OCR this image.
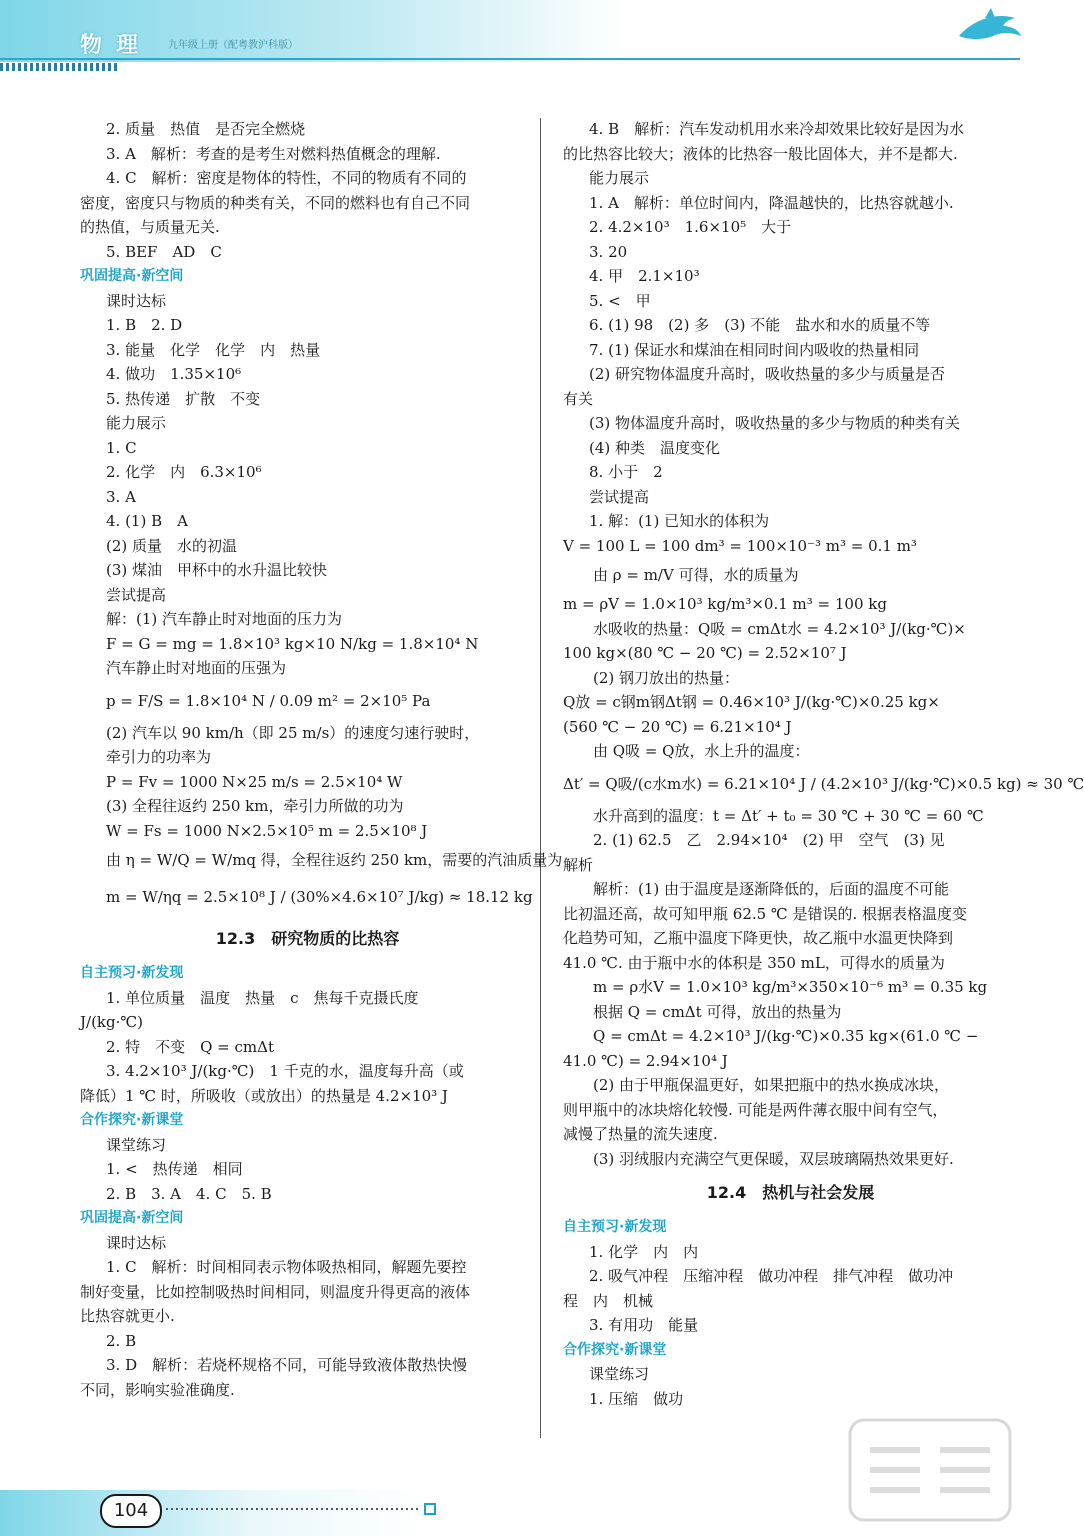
物理 九年级上册（配粤教沪科版）
2. 质量　热值　是否完全燃烧
3. A　解析：考查的是考生对燃料热值概念的理解.
4. C　解析：密度是物体的特性，不同的物质有不同的
密度，密度只与物质的种类有关，不同的燃料也有自己不同
的热值，与质量无关.
5. BEF　AD　C
巩固提高·新空间
课时达标
1. B　2. D
3. 能量　化学　化学　内　热量
4. 做功　1.35×10⁶
5. 热传递　扩散　不变
能力展示
1. C
2. 化学　内　6.3×10⁶
3. A
4. (1) B　A
(2) 质量　水的初温
(3) 煤油　甲杯中的水升温比较快
尝试提高
解：(1) 汽车静止时对地面的压力为
F = G = mg = 1.8×10³ kg×10 N/kg = 1.8×10⁴ N
汽车静止时对地面的压强为
p = F/S = 1.8×10⁴ N / 0.09 m² = 2×10⁵ Pa
(2) 汽车以 90 km/h（即 25 m/s）的速度匀速行驶时，
牵引力的功率为
P = Fv = 1000 N×25 m/s = 2.5×10⁴ W
(3) 全程往返约 250 km，牵引力所做的功为
W = Fs = 1000 N×2.5×10⁵ m = 2.5×10⁸ J
由 η = W/Q = W/mq 得，全程往返约 250 km，需要的汽油质量为
m = W/ηq = 2.5×10⁸ J / (30%×4.6×10⁷ J/kg) ≈ 18.12 kg
12.3　研究物质的比热容
自主预习·新发现
1. 单位质量　温度　热量　c　焦每千克摄氏度
J/(kg·℃)
2. 特　不变　Q = cmΔt
3. 4.2×10³ J/(kg·℃)　1 千克的水，温度每升高（或
降低）1 ℃ 时，所吸收（或放出）的热量是 4.2×10³ J
合作探究·新课堂
课堂练习
1. <　热传递　相同
2. B　3. A　4. C　5. B
巩固提高·新空间
课时达标
1. C　解析：时间相同表示物体吸热相同，解题先要控
制好变量，比如控制吸热时间相同，则温度升得更高的液体
比热容就更小.
2. B
3. D　解析：若烧杯规格不同，可能导致液体散热快慢
不同，影响实验准确度.
4. B　解析：汽车发动机用水来冷却效果比较好是因为水
的比热容比较大；液体的比热容一般比固体大，并不是都大.
能力展示
1. A　解析：单位时间内，降温越快的，比热容就越小.
2. 4.2×10³　1.6×10⁵　大于
3. 20
4. 甲　2.1×10³
5. <　甲
6. (1) 98　(2) 多　(3) 不能　盐水和水的质量不等
7. (1) 保证水和煤油在相同时间内吸收的热量相同
(2) 研究物体温度升高时，吸收热量的多少与质量是否
有关
(3) 物体温度升高时，吸收热量的多少与物质的种类有关
(4) 种类　温度变化
8. 小于　2
尝试提高
1. 解：(1) 已知水的体积为
V = 100 L = 100 dm³ = 100×10⁻³ m³ = 0.1 m³
由 ρ = m/V 可得，水的质量为
m = ρV = 1.0×10³ kg/m³×0.1 m³ = 100 kg
水吸收的热量：Q吸 = cmΔt水 = 4.2×10³ J/(kg·℃)×
100 kg×(80 ℃ − 20 ℃) = 2.52×10⁷ J
(2) 钢刀放出的热量：
Q放 = c钢m钢Δt钢 = 0.46×10³ J/(kg·℃)×0.25 kg×
(560 ℃ − 20 ℃) = 6.21×10⁴ J
由 Q吸 = Q放，水上升的温度：
Δt′ = Q吸/(c水m水) = 6.21×10⁴ J / (4.2×10³ J/(kg·℃)×0.5 kg) ≈ 30 ℃
水升高到的温度：t = Δt′ + t₀ = 30 ℃ + 30 ℃ = 60 ℃
2. (1) 62.5　乙　2.94×10⁴　(2) 甲　空气　(3) 见
解析
解析：(1) 由于温度是逐渐降低的，后面的温度不可能
比初温还高，故可知甲瓶 62.5 ℃ 是错误的. 根据表格温度变
化趋势可知，乙瓶中温度下降更快，故乙瓶中水温更快降到
41.0 ℃. 由于瓶中水的体积是 350 mL，可得水的质量为
m = ρ水V = 1.0×10³ kg/m³×350×10⁻⁶ m³ = 0.35 kg
根据 Q = cmΔt 可得，放出的热量为
Q = cmΔt = 4.2×10³ J/(kg·℃)×0.35 kg×(61.0 ℃ −
41.0 ℃) = 2.94×10⁴ J
(2) 由于甲瓶保温更好，如果把瓶中的热水换成冰块，
则甲瓶中的冰块熔化较慢. 可能是两件薄衣服中间有空气，
减慢了热量的流失速度.
(3) 羽绒服内充满空气更保暖，双层玻璃隔热效果更好.
12.4　热机与社会发展
自主预习·新发现
1. 化学　内　内
2. 吸气冲程　压缩冲程　做功冲程　排气冲程　做功冲
程　内　机械
3. 有用功　能量
合作探究·新课堂
课堂练习
1. 压缩　做功
104
